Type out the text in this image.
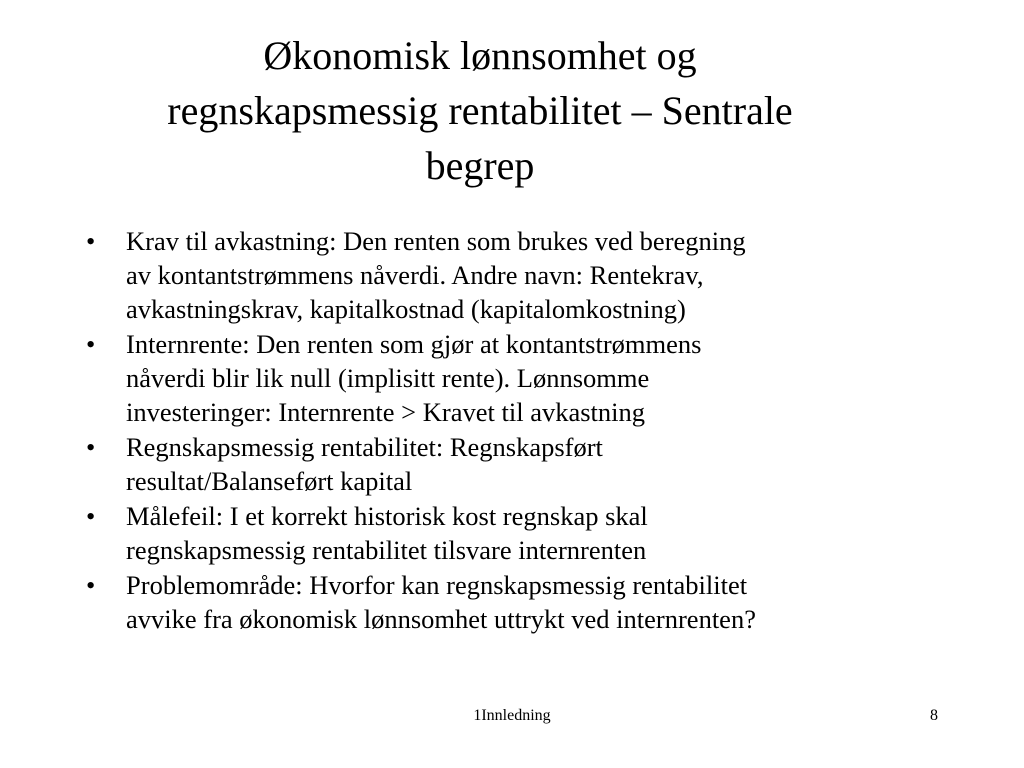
Økonomisk lønnsomhet og
regnskapsmessig rentabilitet – Sentrale
begrep
•	Krav til avkastning: Den renten som brukes ved beregning
av kontantstrømmens nåverdi. Andre navn: Rentekrav,
avkastningskrav, kapitalkostnad (kapitalomkostning)
•	Internrente: Den renten som gjør at kontantstrømmens
nåverdi blir lik null (implisitt rente). Lønnsomme
investeringer: Internrente > Kravet til avkastning
•	Regnskapsmessig rentabilitet: Regnskapsført
resultat/Balanseført kapital
•	Målefeil: I et korrekt historisk kost regnskap skal
regnskapsmessig rentabilitet tilsvare internrenten
•	Problemområde: Hvorfor kan regnskapsmessig rentabilitet
avvike fra økonomisk lønnsomhet uttrykt ved internrenten?
1Innledning	8
